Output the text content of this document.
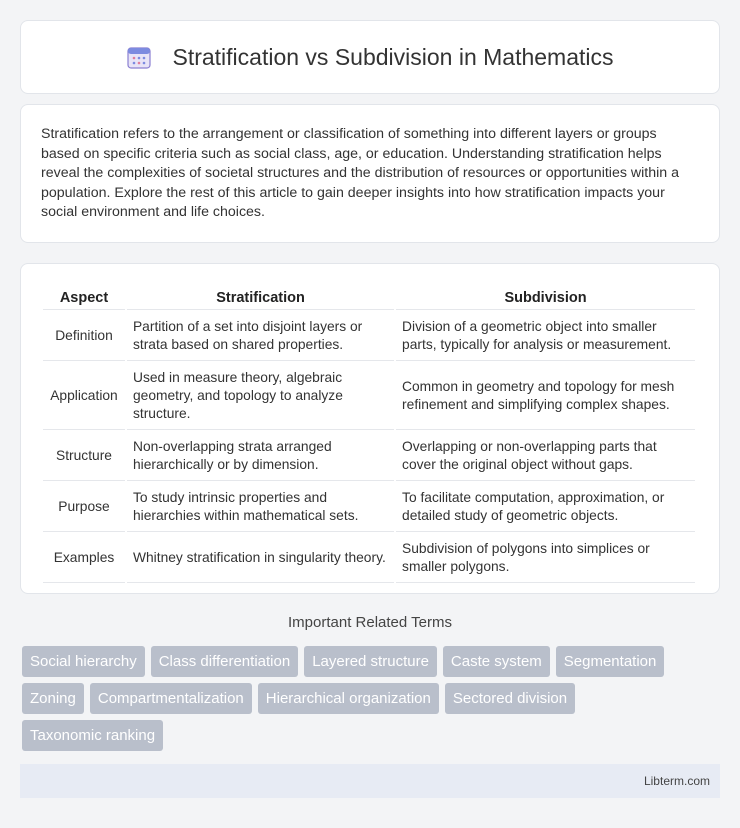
Stratification vs Subdivision in Mathematics

Stratification refers to the arrangement or classification of something into different layers or groups based on specific criteria such as social class, age, or education. Understanding stratification helps reveal the complexities of societal structures and the distribution of resources or opportunities within a population. Explore the rest of this article to gain deeper insights into how stratification impacts your social environment and life choices.

Aspect	Stratification	Subdivision
Definition	Partition of a set into disjoint layers or strata based on shared properties.	Division of a geometric object into smaller parts, typically for analysis or measurement.
Application	Used in measure theory, algebraic geometry, and topology to analyze structure.	Common in geometry and topology for mesh refinement and simplifying complex shapes.
Structure	Non-overlapping strata arranged hierarchically or by dimension.	Overlapping or non-overlapping parts that cover the original object without gaps.
Purpose	To study intrinsic properties and hierarchies within mathematical sets.	To facilitate computation, approximation, or detailed study of geometric objects.
Examples	Whitney stratification in singularity theory.	Subdivision of polygons into simplices or smaller polygons.
Important Related Terms
Social hierarchy	Class differentiation	Layered structure	Caste system	Segmentation
Zoning	Compartmentalization	Hierarchical organization	Sectored division
Taxonomic ranking
Libterm.com
